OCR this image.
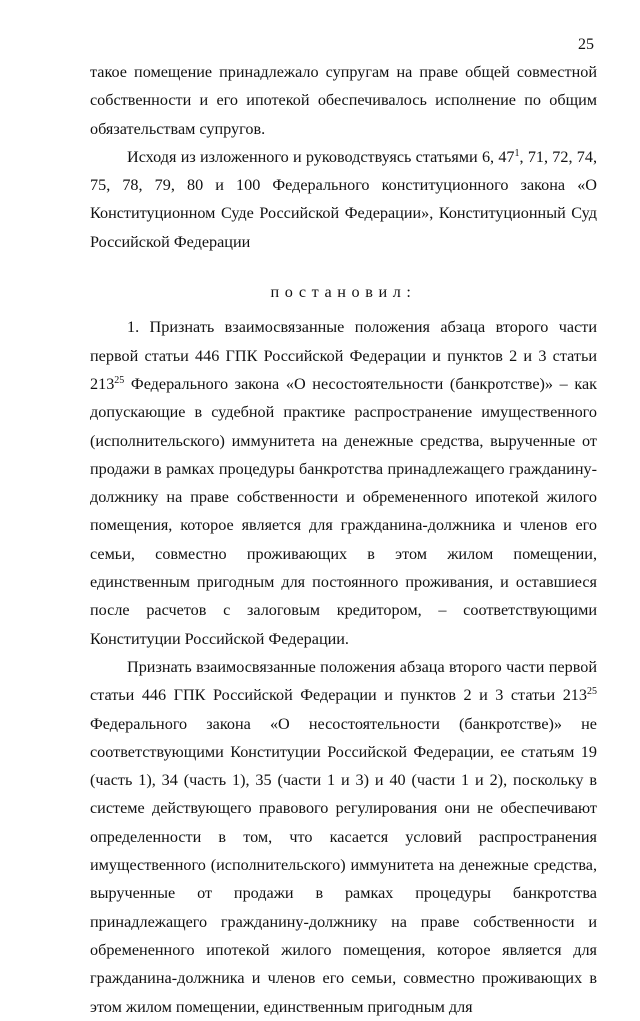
25

такое помещение принадлежало супругам на праве общей совместной собственности и его ипотекой обеспечивалось исполнение по общим обязательствам супругов.

Исходя из изложенного и руководствуясь статьями 6, $47^1$, 71, 72, 74, 75, 78, 79, 80 и 100 Федерального конституционного закона «О Конституционном Суде Российской Федерации», Конституционный Суд Российской Федерации

постановил:

1. Признать взаимосвязанные положения абзаца второго части первой статьи 446 ГПК Российской Федерации и пунктов 2 и 3 статьи $213^{25}$ Федерального закона «О несостоятельности (банкротстве)» – как допускающие в судебной практике распространение имущественного (исполнительского) иммунитета на денежные средства, вырученные от продажи в рамках процедуры банкротства принадлежащего гражданину-должнику на праве собственности и обремененного ипотекой жилого помещения, которое является для гражданина-должника и членов его семьи, совместно проживающих в этом жилом помещении, единственным пригодным для постоянного проживания, и оставшиеся после расчетов с залоговым кредитором, – соответствующими Конституции Российской Федерации.

Признать взаимосвязанные положения абзаца второго части первой статьи 446 ГПК Российской Федерации и пунктов 2 и 3 статьи $213^{25}$ Федерального закона «О несостоятельности (банкротстве)» не соответствующими Конституции Российской Федерации, ее статьям 19 (часть 1), 34 (часть 1), 35 (части 1 и 3) и 40 (части 1 и 2), поскольку в системе действующего правового регулирования они не обеспечивают определенности в том, что касается условий распространения имущественного (исполнительского) иммунитета на денежные средства, вырученные от продажи в рамках процедуры банкротства принадлежащего гражданину-должнику на праве собственности и обремененного ипотекой жилого помещения, которое является для гражданина-должника и членов его семьи, совместно проживающих в этом жилом помещении, единственным пригодным для
